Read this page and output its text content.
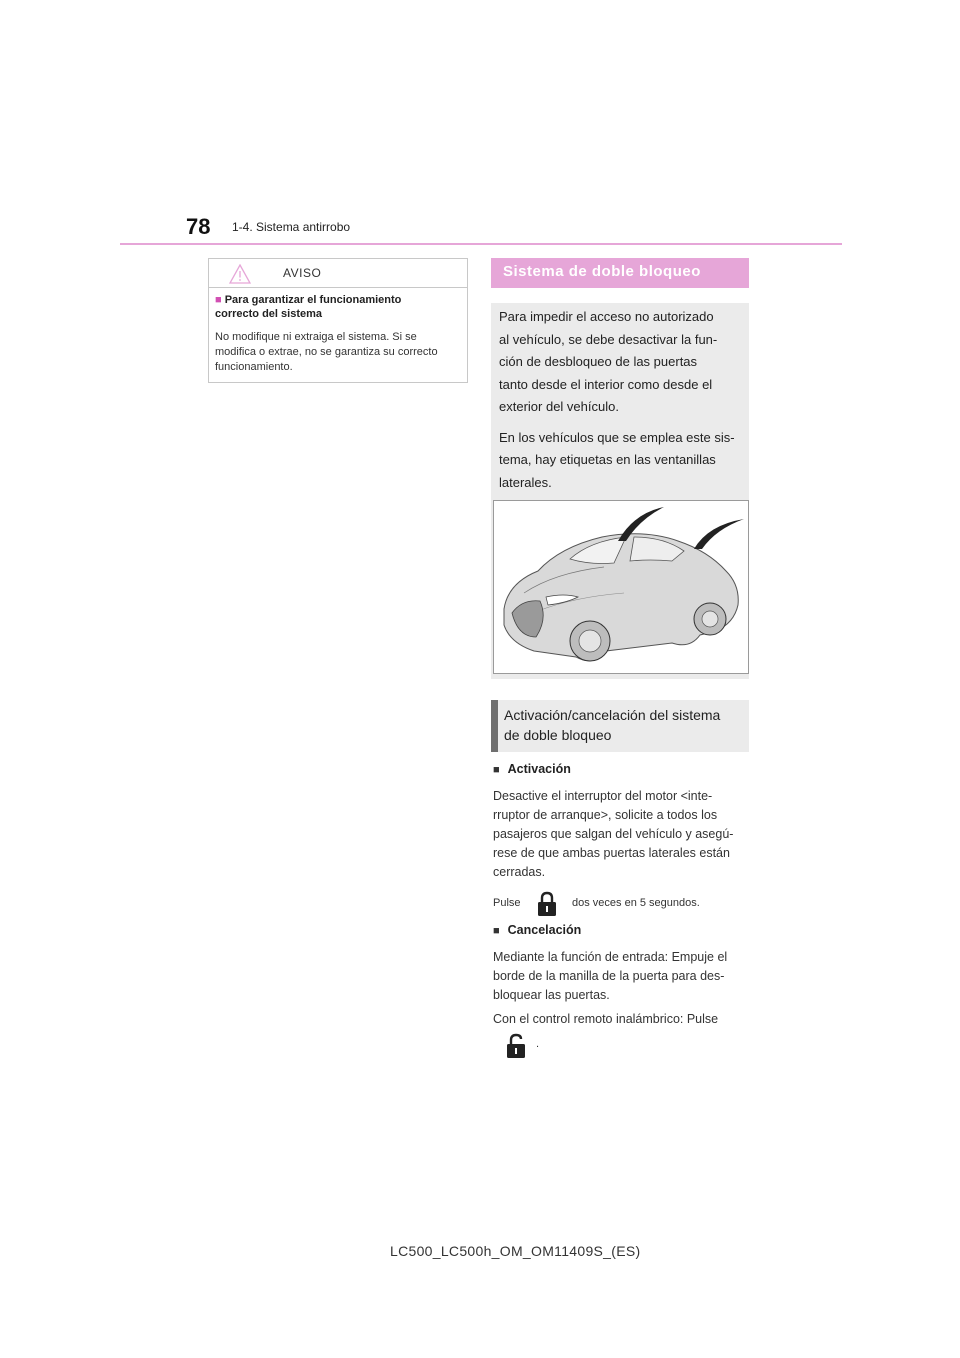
78 1-4. Sistema antirrobo
AVISO
■ Para garantizar el funcionamiento
correcto del sistema
No modifique ni extraiga el sistema. Si se
modifica o extrae, no se garantiza su correcto
funcionamiento.
Sistema de doble bloqueo

Para impedir el acceso no autorizado
al vehículo, se debe desactivar la fun-
ción de desbloqueo de las puertas
tanto desde el interior como desde el
exterior del vehículo.

En los vehículos que se emplea este sis-
tema, hay etiquetas en las ventanillas
laterales.

Activación/cancelación del sistema
de doble bloqueo
■ Activación
Desactive el interruptor del motor <inte-
rruptor de arranque>, solicite a todos los
pasajeros que salgan del vehículo y asegú-
rese de que ambas puertas laterales están
cerradas.
Pulse	dos veces en 5 segundos.
■ Cancelación
Mediante la función de entrada: Empuje el
borde de la manilla de la puerta para des-
bloquear las puertas.
Con el control remoto inalámbrico: Pulse
.
LC500_LC500h_OM_OM11409S_(ES)
